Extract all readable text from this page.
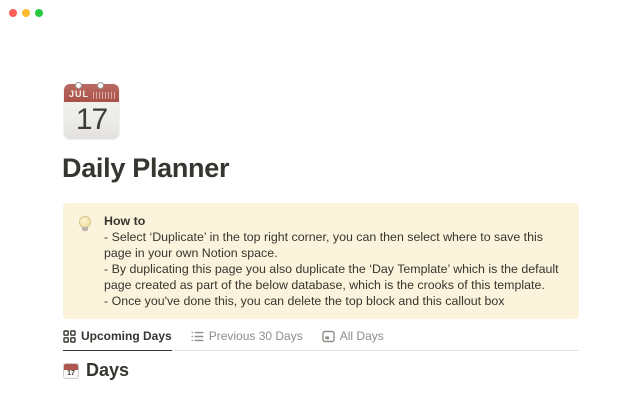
JUL
17
Daily Planner
How to
- Select ‘Duplicate’ in the top right corner, you can then select where to save this page in your own Notion space.
- By duplicating this page you also duplicate the ‘Day Template’ which is the default page created as part of the below database, which is the crooks of this template.
- Once you've done this, you can delete the top block and this callout box
Upcoming Days	Previous 30 Days	All Days
17 Days
